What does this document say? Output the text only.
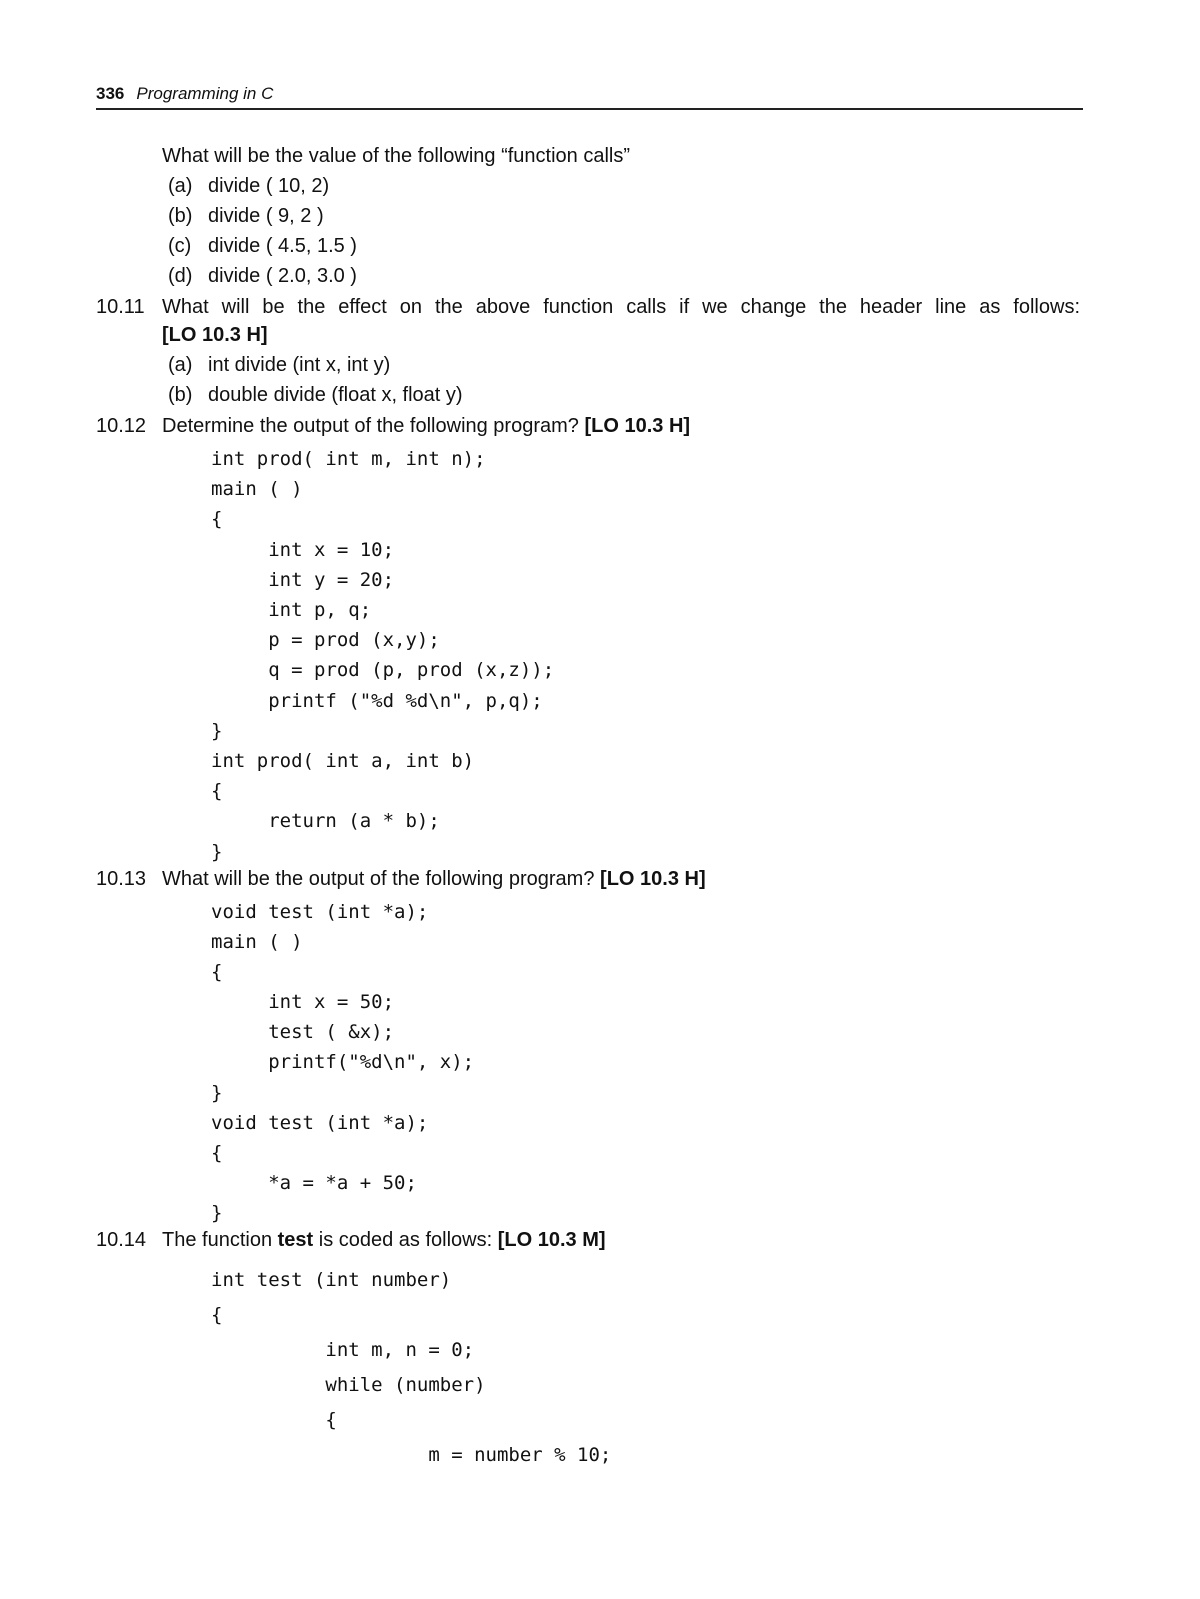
336 Programming in C
What will be the value of the following “function calls”
(a) divide ( 10, 2)
(b) divide ( 9, 2 )
(c) divide ( 4.5, 1.5 )
(d) divide ( 2.0, 3.0 )
10.11 What will be the effect on the above function calls if we change the header line as follows:
[LO 10.3 H]
(a) int divide (int x, int y)
(b) double divide (float x, float y)
10.12 Determine the output of the following program? [LO 10.3 H]
int prod( int m, int n);
main ( )
{
int x = 10;
int y = 20;
int p, q;
p = prod (x,y);
q = prod (p, prod (x,z));
printf ("%d %d\n", p,q);
}
int prod( int a, int b)
{
return (a * b);
}
10.13 What will be the output of the following program? [LO 10.3 H]
void test (int *a);
main ( )
{
int x = 50;
test ( &x);
printf("%d\n", x);
}
void test (int *a);
{
*a = *a + 50;
}
10.14 The function test is coded as follows: [LO 10.3 M]
int test (int number)
{
int m, n = 0;
while (number)
{
m = number % 10;
